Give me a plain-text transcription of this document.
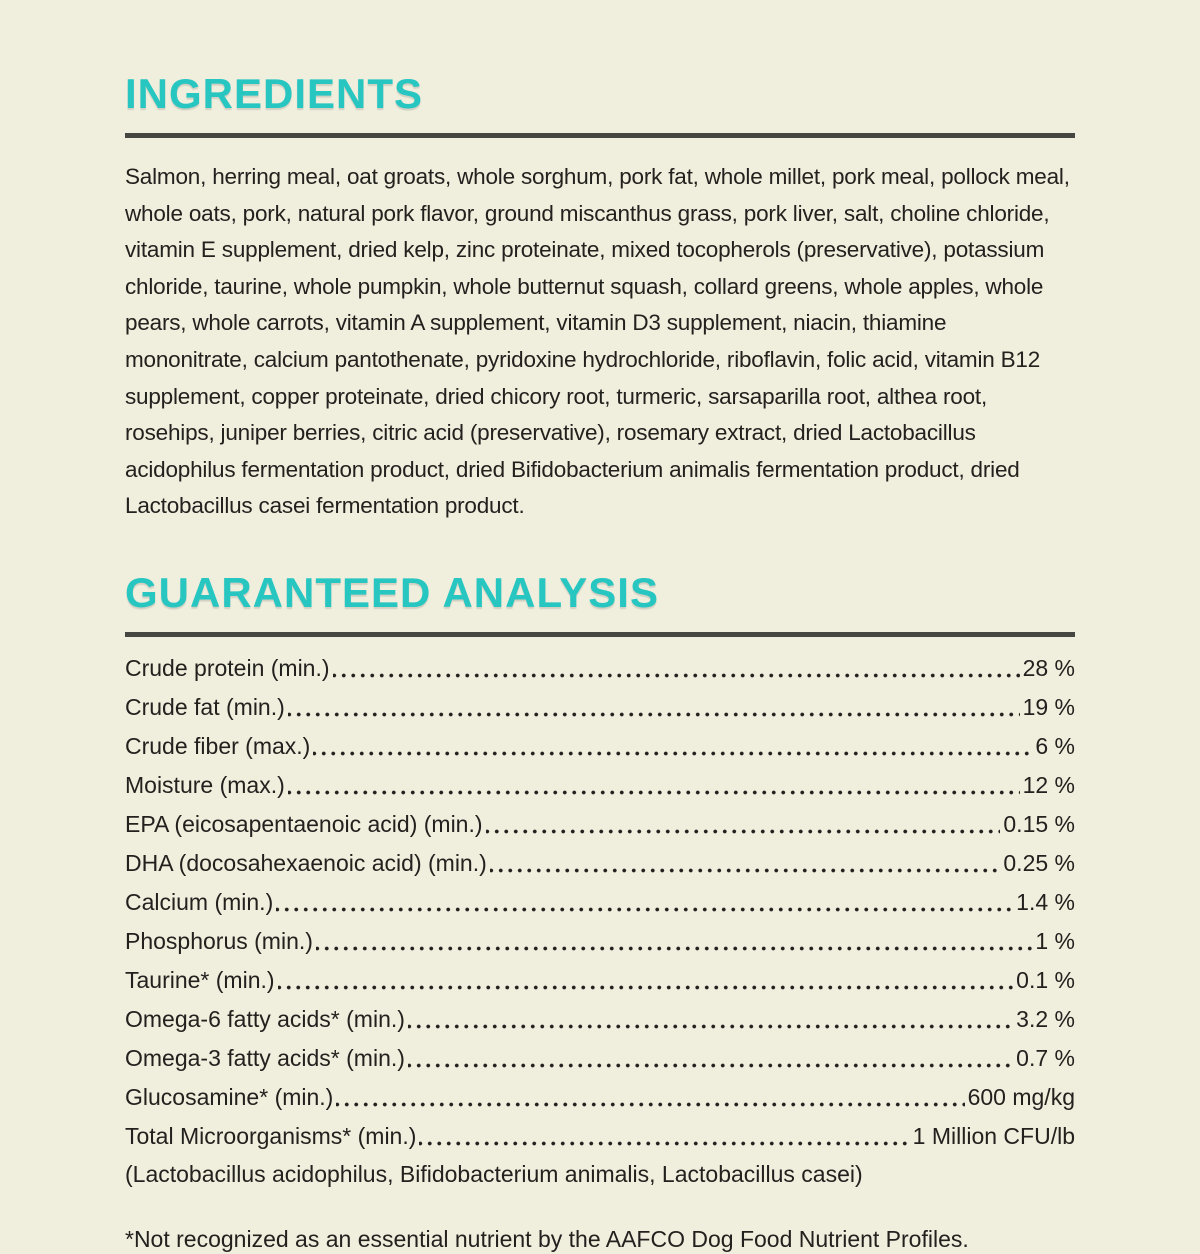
INGREDIENTS

Salmon, herring meal, oat groats, whole sorghum, pork fat, whole millet, pork meal, pollock meal, whole oats, pork, natural pork flavor, ground miscanthus grass, pork liver, salt, choline chloride, vitamin E supplement, dried kelp, zinc proteinate, mixed tocopherols (preservative), potassium chloride, taurine, whole pumpkin, whole butternut squash, collard greens, whole apples, whole pears, whole carrots, vitamin A supplement, vitamin D3 supplement, niacin, thiamine mononitrate, calcium pantothenate, pyridoxine hydrochloride, riboflavin, folic acid, vitamin B12 supplement, copper proteinate, dried chicory root, turmeric, sarsaparilla root, althea root, rosehips, juniper berries, citric acid (preservative), rosemary extract, dried Lactobacillus acidophilus fermentation product, dried Bifidobacterium animalis fermentation product, dried Lactobacillus casei fermentation product.

GUARANTEED ANALYSIS
Crude protein (min.)	28 %
Crude fat (min.)	19 %
Crude fiber (max.)	6 %
Moisture (max.)	12 %
EPA (eicosapentaenoic acid) (min.)	0.15 %
DHA (docosahexaenoic acid) (min.)	0.25 %
Calcium (min.)	1.4 %
Phosphorus (min.)	1 %
Taurine* (min.)	0.1 %
Omega-6 fatty acids* (min.)	3.2 %
Omega-3 fatty acids* (min.)	0.7 %
Glucosamine* (min.)	600 mg/kg
Total Microorganisms* (min.)	1 Million CFU/lb

(Lactobacillus acidophilus, Bifidobacterium animalis, Lactobacillus casei)

*Not recognized as an essential nutrient by the AAFCO Dog Food Nutrient Profiles.
